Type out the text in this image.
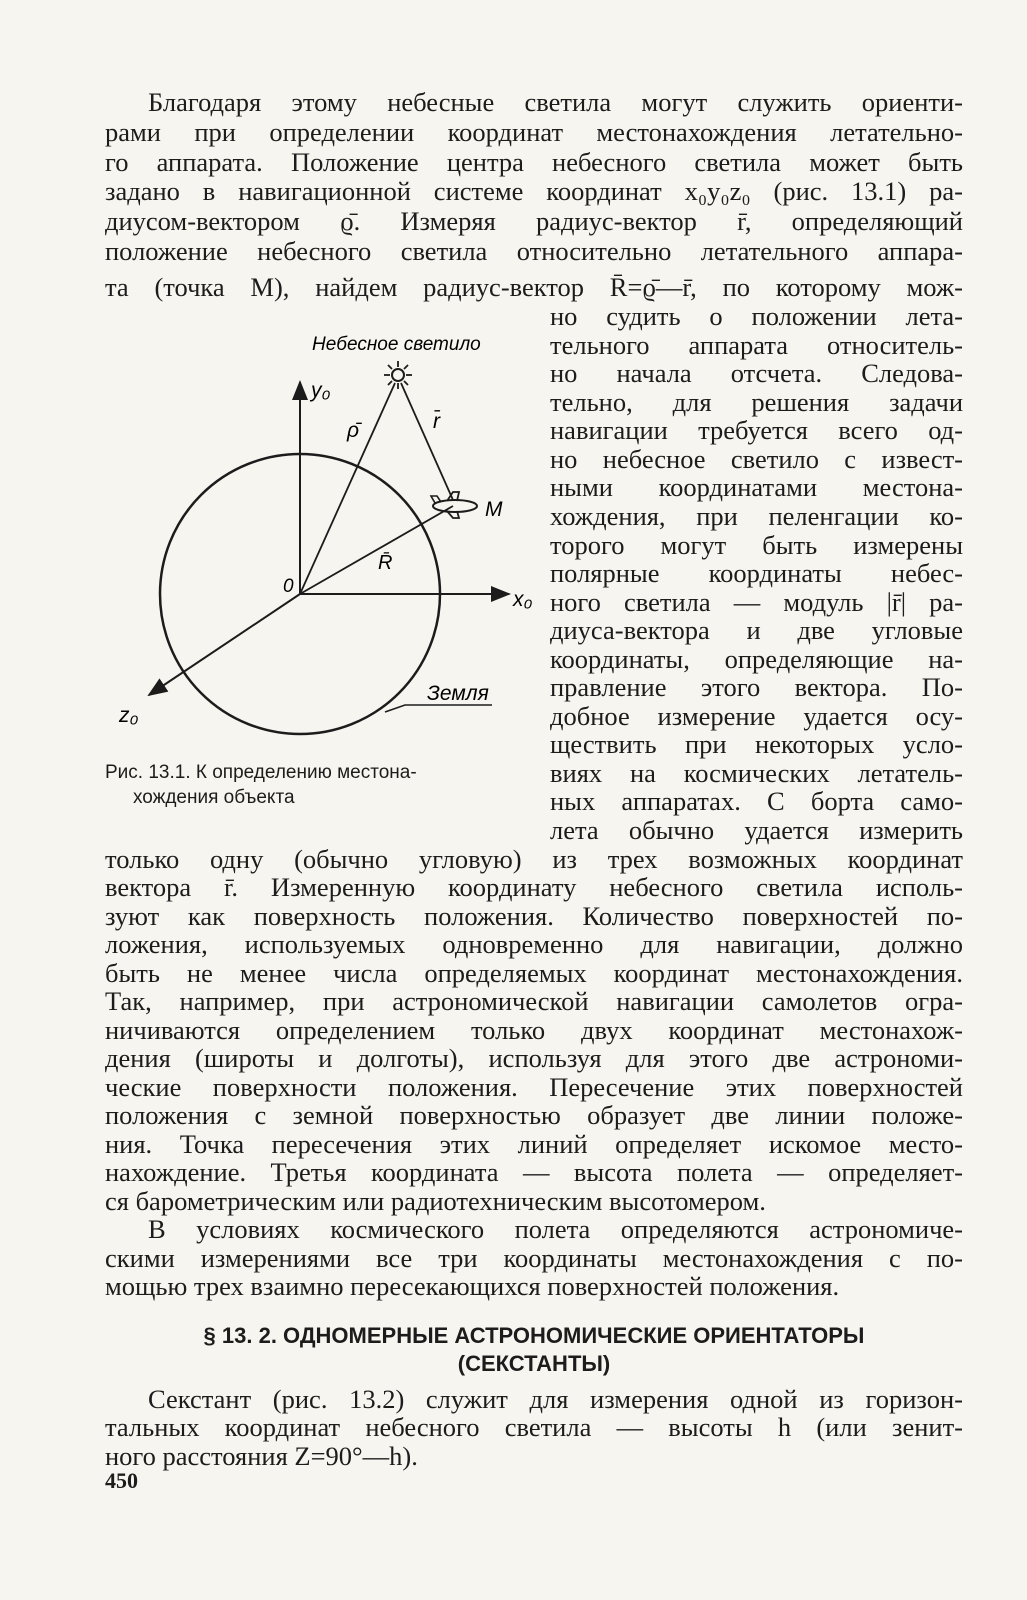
Благодаря этому небесные светила могут служить ориенти-
рами при определении координат местонахождения летательно-
го аппарата. Положение центра небесного светила может быть
задано в навигационной системе координат x₀y₀z₀ (рис. 13.1) ра-
диусом-вектором ϱ̄. Измеряя радиус-вектор r̄, определяющий
положение небесного светила относительно летательного аппара-
та (точка M), найдем радиус-вектор R̄=ϱ̄—r̄, по которому мож-
но судить о положении лета-
тельного аппарата относитель-
но начала отсчета. Следова-
тельно, для решения задачи
навигации требуется всего од-
но небесное светило с извест-
ными координатами местона-
хождения, при пеленгации ко-
торого могут быть измерены
полярные координаты небес-
ного светила — модуль |r̄| ра-
диуса-вектора и две угловые
координаты, определяющие на-
правление этого вектора. По-
добное измерение удается осу-
ществить при некоторых усло-
виях на космических летатель-
ных аппаратах. С борта само-
лета обычно удается измерить
Небесное светило
y₀
x₀
z₀
0
ρ̄	r̄
R̄
M
Земля
Рис. 13.1. К определению местона-
хождения объекта
только одну (обычно угловую) из трех возможных координат
вектора r̄. Измеренную координату небесного светила исполь-
зуют как поверхность положения. Количество поверхностей по-
ложения, используемых одновременно для навигации, должно
быть не менее числа определяемых координат местонахождения.
Так, например, при астрономической навигации самолетов огра-
ничиваются определением только двух координат местонахож-
дения (широты и долготы), используя для этого две астрономи-
ческие поверхности положения. Пересечение этих поверхностей
положения с земной поверхностью образует две линии положе-
ния. Точка пересечения этих линий определяет искомое место-
нахождение. Третья координата — высота полета — определяет-
ся барометрическим или радиотехническим высотомером.
В условиях космического полета определяются астрономиче-
скими измерениями все три координаты местонахождения с по-
мощью трех взаимно пересекающихся поверхностей положения.
§ 13. 2. ОДНОМЕРНЫЕ АСТРОНОМИЧЕСКИЕ ОРИЕНТАТОРЫ
(СЕКСТАНТЫ)
Секстант (рис. 13.2) служит для измерения одной из горизон-
тальных координат небесного светила — высоты h (или зенит-
ного расстояния Z=90°—h).
450
